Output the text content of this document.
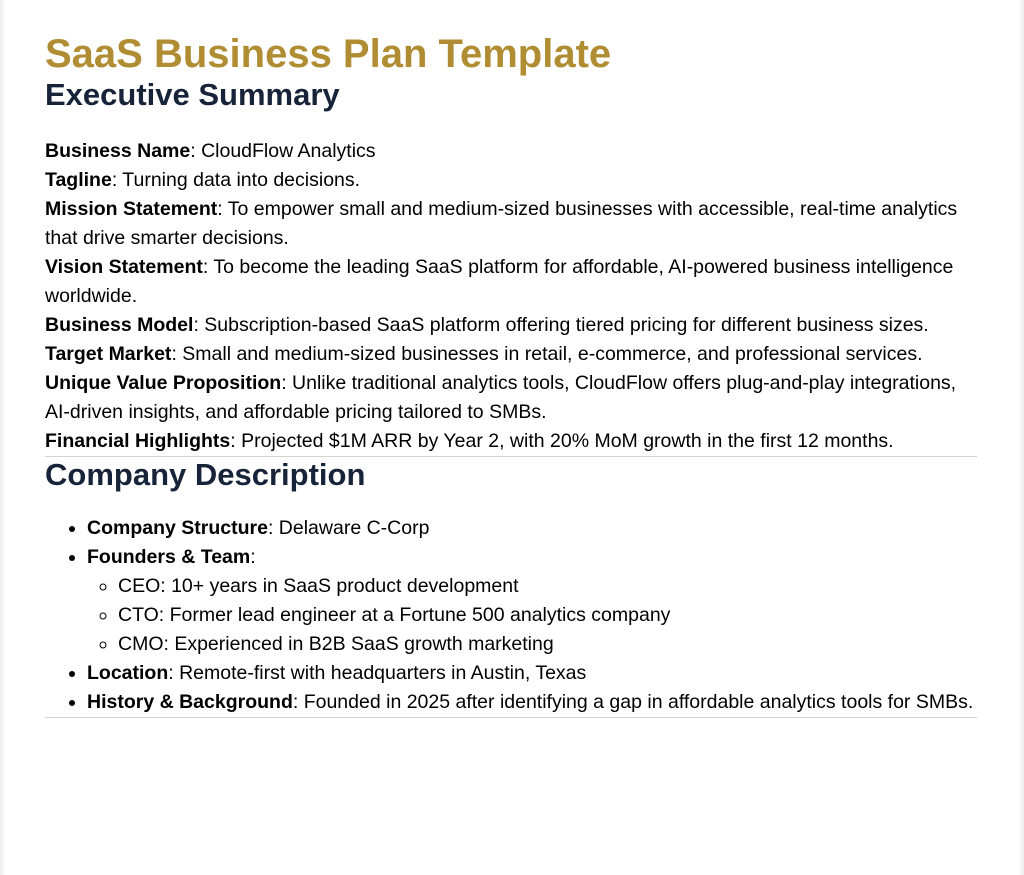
SaaS Business Plan Template
Executive Summary

Business Name: CloudFlow Analytics

Tagline: Turning data into decisions.

Mission Statement: To empower small and medium-sized businesses with accessible, real-time analytics that drive smarter decisions.

Vision Statement: To become the leading SaaS platform for affordable, AI-powered business intelligence worldwide.

Business Model: Subscription-based SaaS platform offering tiered pricing for different business sizes.

Target Market: Small and medium-sized businesses in retail, e-commerce, and professional services.

Unique Value Proposition: Unlike traditional analytics tools, CloudFlow offers plug-and-play integrations, AI-driven insights, and affordable pricing tailored to SMBs.

Financial Highlights: Projected $1M ARR by Year 2, with 20% MoM growth in the first 12 months.

Company Description
• Company Structure: Delaware C-Corp
• Founders & Team:
◦ CEO: 10+ years in SaaS product development
◦ CTO: Former lead engineer at a Fortune 500 analytics company
◦ CMO: Experienced in B2B SaaS growth marketing
• Location: Remote-first with headquarters in Austin, Texas
• History & Background: Founded in 2025 after identifying a gap in affordable analytics tools for SMBs.
